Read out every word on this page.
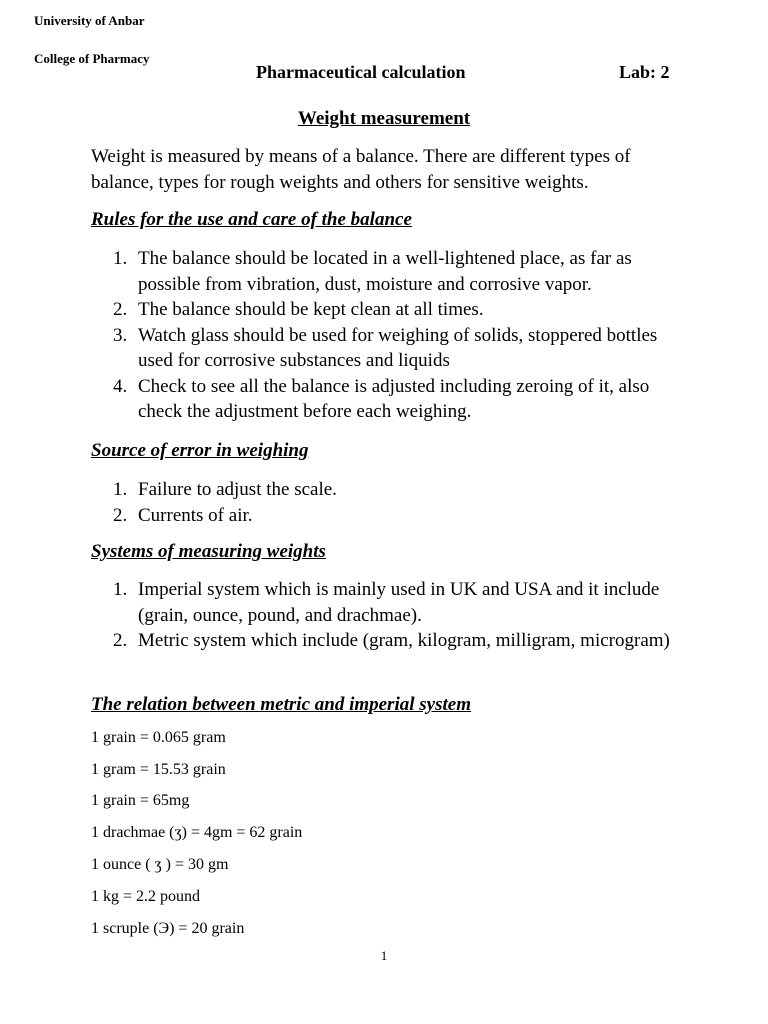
University of Anbar
College of Pharmacy
Pharmaceutical calculation	Lab: 2
Weight measurement

Weight is measured by means of a balance. There are different types of balance, types for rough weights and others for sensitive weights.

Rules for the use and care of the balance
1. The balance should be located in a well-lightened place, as far as possible from vibration, dust, moisture and corrosive vapor.
2. The balance should be kept clean at all times.
3. Watch glass should be used for weighing of solids, stoppered bottles used for corrosive substances and liquids
4. Check to see all the balance is adjusted including zeroing of it, also check the adjustment before each weighing.
Source of error in weighing
1. Failure to adjust the scale.
2. Currents of air.
Systems of measuring weights
1. Imperial system which is mainly used in UK and USA and it include (grain, ounce, pound, and drachmae).
2. Metric system which include (gram, kilogram, milligram, microgram)
The relation between metric and imperial system
1 grain = 0.065 gram
1 gram = 15.53 grain
1 grain = 65mg
1 drachmae (ʒ) = 4gm = 62 grain
1 ounce ( ʒ ) = 30 gm
1 kg = 2.2 pound
1 scruple (Э) = 20 grain
1
